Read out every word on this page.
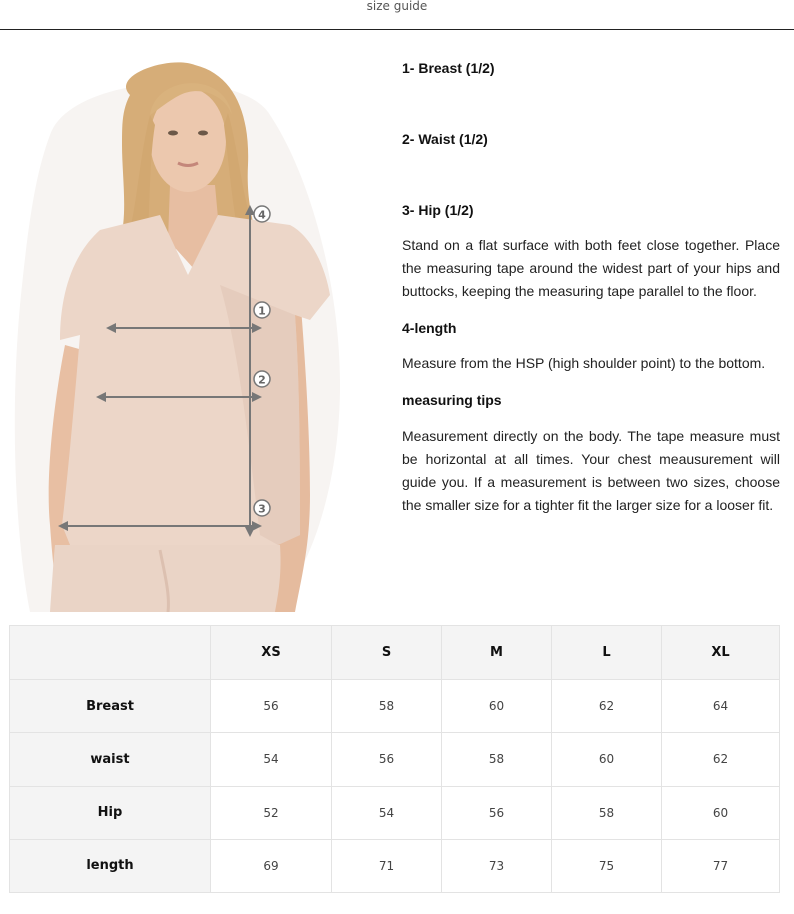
size guide
1
2
3
4
1- Breast (1/2)
2- Waist (1/2)
3- Hip (1/2)

Stand on a flat surface with both feet close together. Place the measuring tape around the widest part of your hips and buttocks, keeping the measuring tape parallel to the floor.

4-length

Measure from the HSP (high shoulder point) to the bottom.

measuring tips

Measurement directly on the body. The tape measure must be horizontal at all times. Your chest meausurement will guide you. If a measurement is between two sizes, choose the smaller size for a tighter fit the larger size for a looser fit.

	XS	S	M	L	XL
Breast	56	58	60	62	64
waist	54	56	58	60	62
Hip	52	54	56	58	60
length	69	71	73	75	77
